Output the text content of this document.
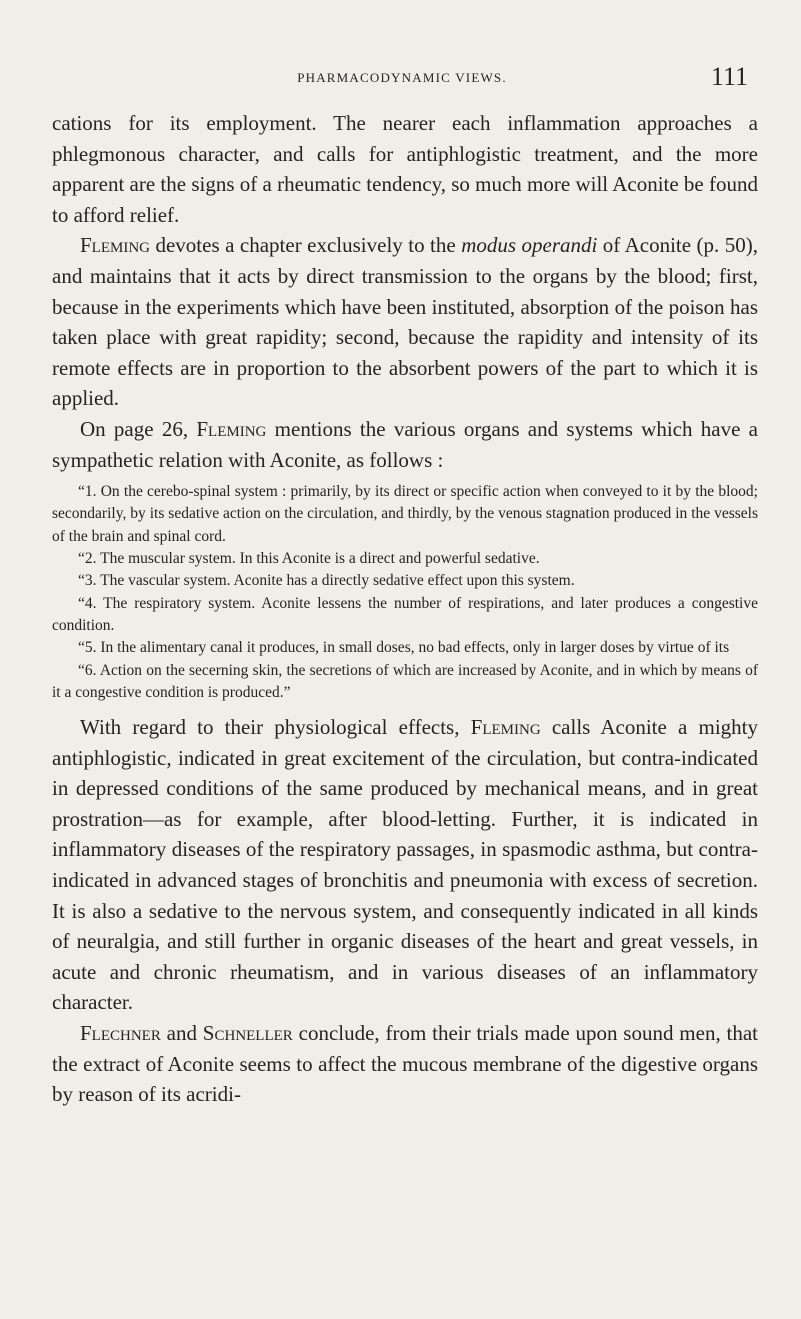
PHARMACODYNAMIC VIEWS.	111

cations for its employment. The nearer each inflammation approaches a phlegmonous character, and calls for antiphlogistic treatment, and the more apparent are the signs of a rheumatic tendency, so much more will Aconite be found to afford relief.

Fleming devotes a chapter exclusively to the modus operandi of Aconite (p. 50), and maintains that it acts by direct transmission to the organs by the blood; first, because in the experiments which have been instituted, absorption of the poison has taken place with great rapidity; second, because the rapidity and intensity of its remote effects are in proportion to the absorbent powers of the part to which it is applied.

On page 26, Fleming mentions the various organs and systems which have a sympathetic relation with Aconite, as follows :

“1. On the cerebo-spinal system : primarily, by its direct or specific action when conveyed to it by the blood; secondarily, by its sedative action on the circulation, and thirdly, by the venous stagnation produced in the vessels of the brain and spinal cord.

“2. The muscular system. In this Aconite is a direct and powerful sedative.

“3. The vascular system. Aconite has a directly sedative effect upon this system.

“4. The respiratory system. Aconite lessens the number of respirations, and later produces a congestive condition.

“5. In the alimentary canal it produces, in small doses, no bad effects, only in larger doses by virtue of its

“6. Action on the secerning skin, the secretions of which are increased by Aconite, and in which by means of it a congestive condition is produced.”

With regard to their physiological effects, Fleming calls Aconite a mighty antiphlogistic, indicated in great excitement of the circulation, but contra-indicated in depressed conditions of the same produced by mechanical means, and in great prostration—as for example, after blood-letting. Further, it is indicated in inflammatory diseases of the respiratory passages, in spasmodic asthma, but contra-indicated in advanced stages of bronchitis and pneumonia with excess of secretion. It is also a sedative to the nervous system, and consequently indicated in all kinds of neuralgia, and still further in organic diseases of the heart and great vessels, in acute and chronic rheumatism, and in various diseases of an inflammatory character.

Flechner and Schneller conclude, from their trials made upon sound men, that the extract of Aconite seems to affect the mucous membrane of the digestive organs by reason of its acridi-
